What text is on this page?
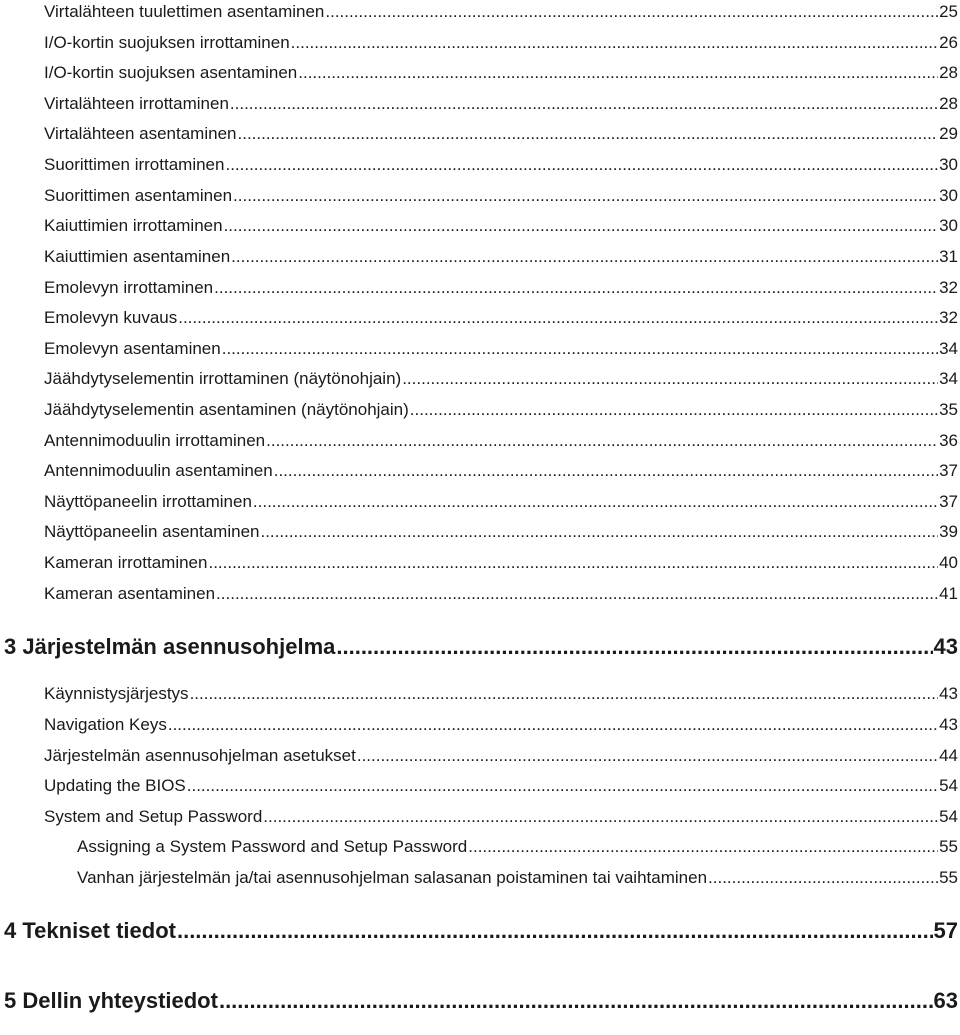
Virtalähteen tuulettimen asentaminen .....	25
I/O-kortin suojuksen irrottaminen .....	26
I/O-kortin suojuksen asentaminen .....	28
Virtalähteen irrottaminen .....	28
Virtalähteen asentaminen .....	29
Suorittimen irrottaminen .....	30
Suorittimen asentaminen .....	30
Kaiuttimien irrottaminen .....	30
Kaiuttimien asentaminen .....	31
Emolevyn irrottaminen .....	32
Emolevyn kuvaus .....	32
Emolevyn asentaminen .....	34
Jäähdytyselementin irrottaminen (näytönohjain) .....	34
Jäähdytyselementin asentaminen (näytönohjain) .....	35
Antennimoduulin irrottaminen .....	36
Antennimoduulin asentaminen .....	37
Näyttöpaneelin irrottaminen .....	37
Näyttöpaneelin asentaminen .....	39
Kameran irrottaminen .....	40
Kameran asentaminen .....	41
3 Järjestelmän asennusohjelma .....	43
Käynnistysjärjestys .....	43
Navigation Keys .....	43
Järjestelmän asennusohjelman asetukset .....	44
Updating the BIOS .....	54
System and Setup Password .....	54
Assigning a System Password and Setup Password .....	55
Vanhan järjestelmän ja/tai asennusohjelman salasanan poistaminen tai vaihtaminen .....	55
4 Tekniset tiedot .....	57
5 Dellin yhteystiedot .....	63
